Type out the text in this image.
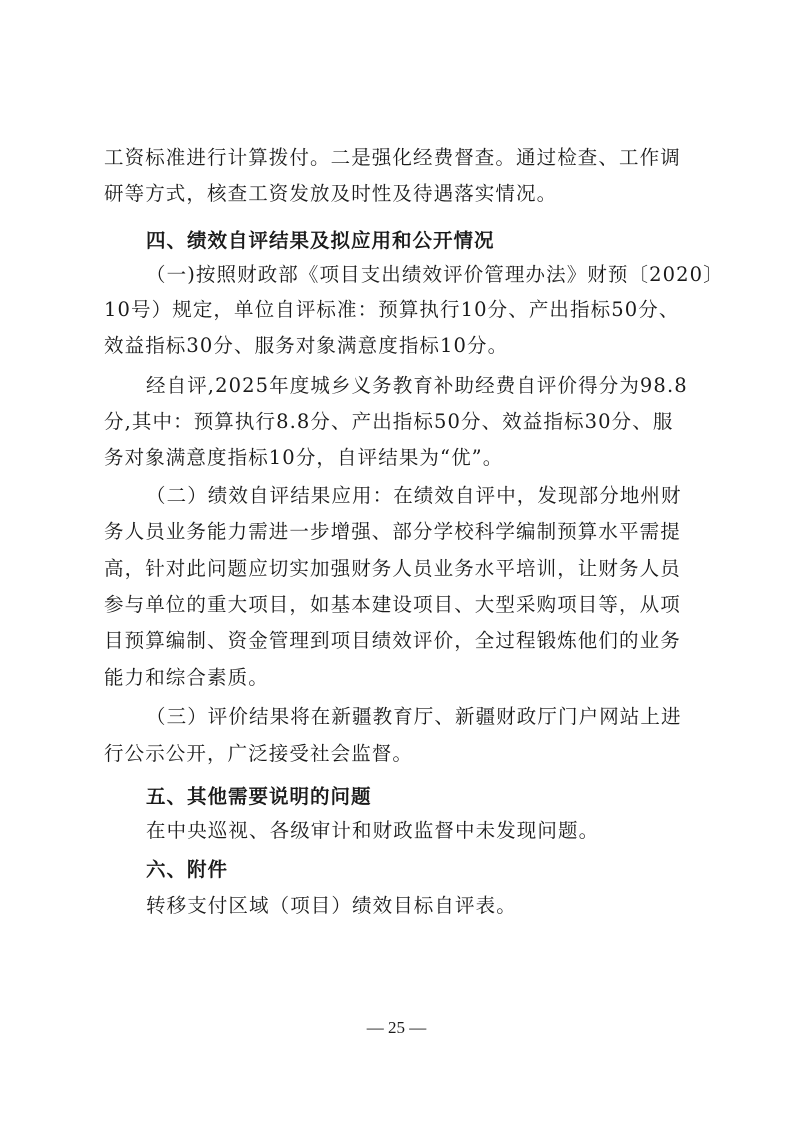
工资标准进行计算拨付。二是强化经费督查。通过检查、工作调
研等方式，核查工资发放及时性及待遇落实情况。
四、绩效自评结果及拟应用和公开情况
（一)按照财政部《项目支出绩效评价管理办法》财预〔2020〕
10号）规定，单位自评标准：预算执行10分、产出指标50分、
效益指标30分、服务对象满意度指标10分。
经自评,2025年度城乡义务教育补助经费自评价得分为98.8
分,其中：预算执行8.8分、产出指标50分、效益指标30分、服
务对象满意度指标10分，自评结果为“优”。
（二）绩效自评结果应用：在绩效自评中，发现部分地州财
务人员业务能力需进一步增强、部分学校科学编制预算水平需提
高，针对此问题应切实加强财务人员业务水平培训，让财务人员
参与单位的重大项目，如基本建设项目、大型采购项目等，从项
目预算编制、资金管理到项目绩效评价，全过程锻炼他们的业务
能力和综合素质。
（三）评价结果将在新疆教育厅、新疆财政厅门户网站上进
行公示公开，广泛接受社会监督。
五、其他需要说明的问题
在中央巡视、各级审计和财政监督中未发现问题。
六、附件
转移支付区域（项目）绩效目标自评表。
— 25 —
